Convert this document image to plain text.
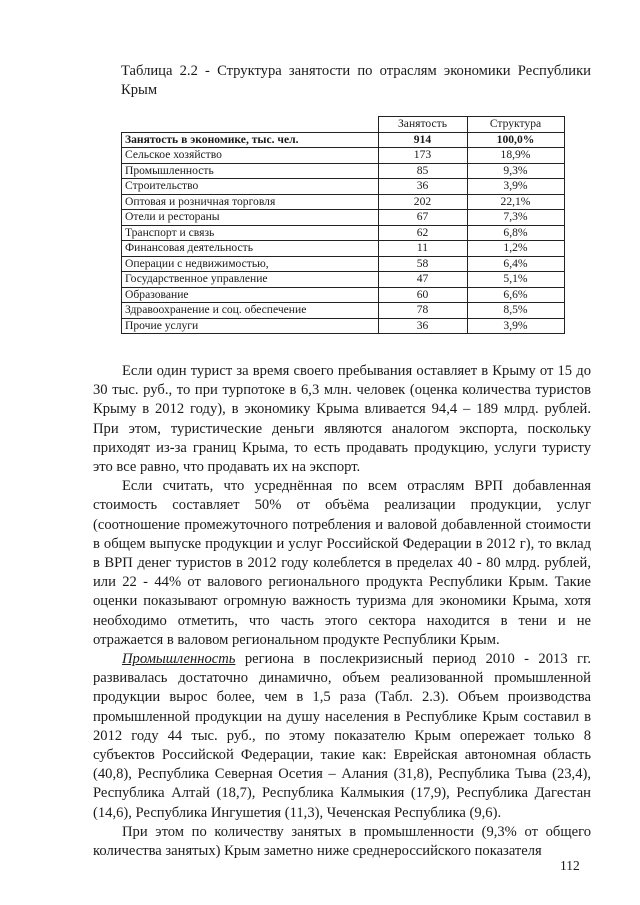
Таблица 2.2 - Структура занятости по отраслям экономики Республики Крым
	Занятость	Структура
Занятость в экономике, тыс. чел.	914	100,0%
Сельское хозяйство	173	18,9%
Промышленность	85	9,3%
Строительство	36	3,9%
Оптовая и розничная торговля	202	22,1%
Отели и рестораны	67	7,3%
Транспорт и связь	62	6,8%
Финансовая деятельность	11	1,2%
Операции с недвижимостью,	58	6,4%
Государственное управление	47	5,1%
Образование	60	6,6%
Здравоохранение и соц. обеспечение	78	8,5%
Прочие услуги	36	3,9%

Если один турист за время своего пребывания оставляет в Крыму от 15 до 30 тыс. руб., то при турпотоке в 6,3 млн. человек (оценка количества туристов Крыму в 2012 году), в экономику Крыма вливается 94,4 – 189 млрд. рублей. При этом, туристические деньги являются аналогом экспорта, поскольку приходят из-за границ Крыма, то есть продавать продукцию, услуги туристу это все равно, что продавать их на экспорт.

Если считать, что усреднённая по всем отраслям ВРП добавленная стоимость составляет 50% от объёма реализации продукции, услуг (соотношение промежуточного потребления и валовой добавленной стоимости в общем выпуске продукции и услуг Российской Федерации в 2012 г), то вклад в ВРП денег туристов в 2012 году колеблется в пределах 40 - 80 млрд. рублей, или 22 - 44% от валового регионального продукта Республики Крым. Такие оценки показывают огромную важность туризма для экономики Крыма, хотя необходимо отметить, что часть этого сектора находится в тени и не отражается в валовом региональном продукте Республики Крым.

Промышленность региона в послекризисный период 2010 - 2013 гг. развивалась достаточно динамично, объем реализованной промышленной продукции вырос более, чем в 1,5 раза (Табл. 2.3). Объем производства промышленной продукции на душу населения в Республике Крым составил в 2012 году 44 тыс. руб., по этому показателю Крым опережает только 8 субъектов Российской Федерации, такие как: Еврейская автономная область (40,8), Республика Северная Осетия – Алания (31,8), Республика Тыва (23,4), Республика Алтай (18,7), Республика Калмыкия (17,9), Республика Дагестан (14,6), Республика Ингушетия (11,3), Чеченская Республика (9,6).

При этом по количеству занятых в промышленности (9,3% от общего количества занятых) Крым заметно ниже среднероссийского показателя

112
